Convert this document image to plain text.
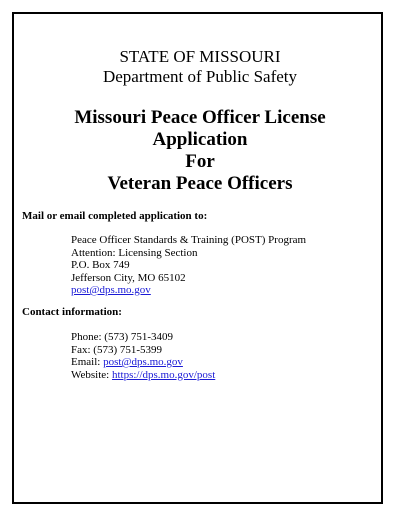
STATE OF MISSOURI
Department of Public Safety
Missouri Peace Officer License
Application
For
Veteran Peace Officers
Mail or email completed application to:
Peace Officer Standards & Training (POST) Program
Attention: Licensing Section
P.O. Box 749
Jefferson City, MO 65102
post@dps.mo.gov
Contact information:
Phone: (573) 751-3409
Fax: (573) 751-5399
Email: post@dps.mo.gov
Website: https://dps.mo.gov/post
